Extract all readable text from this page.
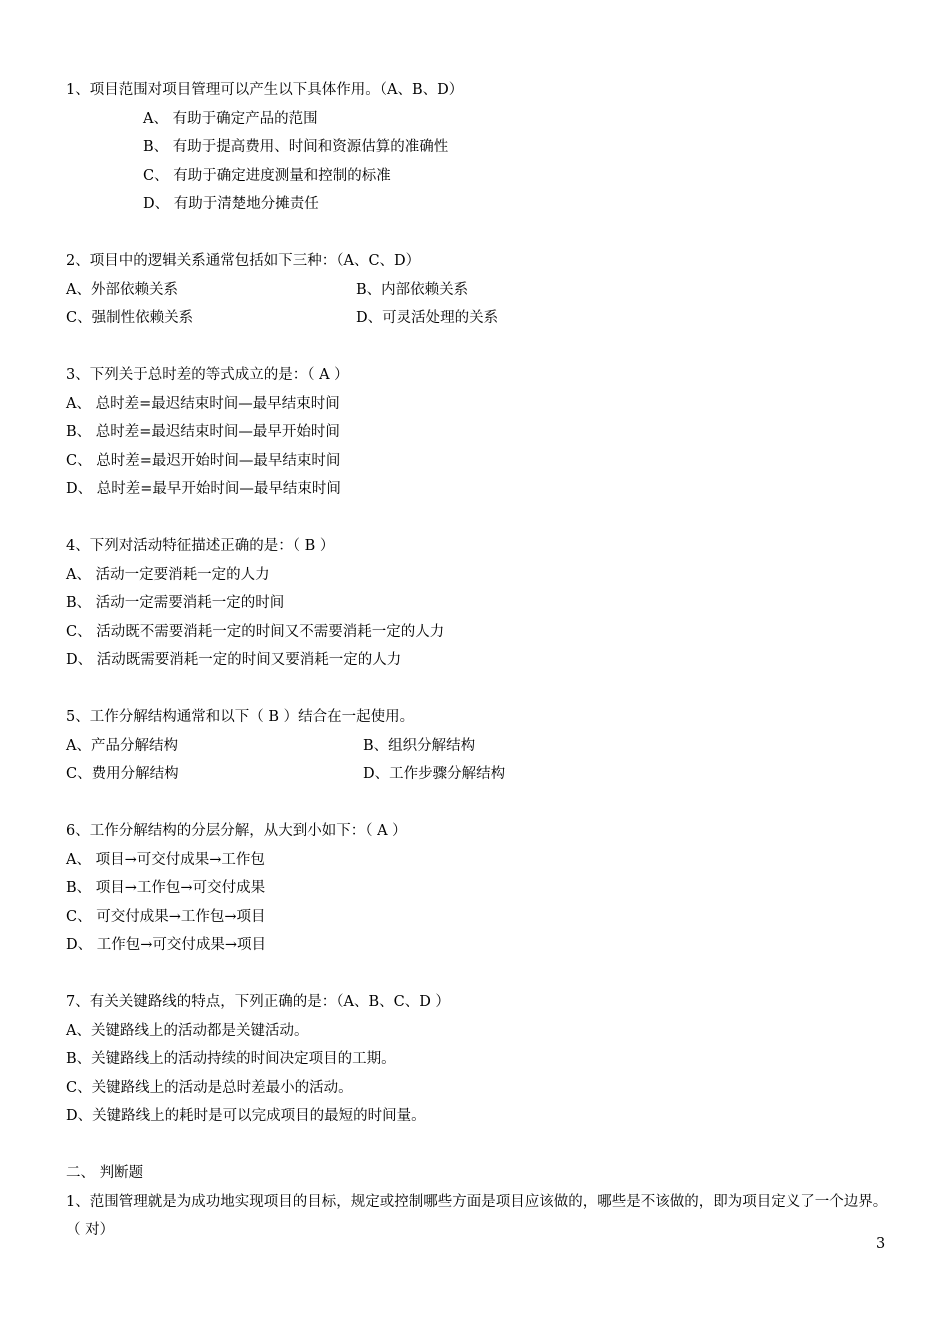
1、项目范围对项目管理可以产生以下具体作用。（A、B、D）
A、 有助于确定产品的范围
B、 有助于提高费用、时间和资源估算的准确性
C、 有助于确定进度测量和控制的标准
D、 有助于清楚地分摊责任
2、项目中的逻辑关系通常包括如下三种：（A、C、D）
A、外部依赖关系	B、内部依赖关系
C、强制性依赖关系	D、可灵活处理的关系
3、下列关于总时差的等式成立的是：（ A ）
A、 总时差=最迟结束时间—最早结束时间
B、 总时差=最迟结束时间—最早开始时间
C、 总时差=最迟开始时间—最早结束时间
D、 总时差=最早开始时间—最早结束时间
4、下列对活动特征描述正确的是：（ B ）
A、 活动一定要消耗一定的人力
B、 活动一定需要消耗一定的时间
C、 活动既不需要消耗一定的时间又不需要消耗一定的人力
D、 活动既需要消耗一定的时间又要消耗一定的人力
5、工作分解结构通常和以下（ B ）结合在一起使用。
A、产品分解结构	B、组织分解结构
C、费用分解结构	D、工作步骤分解结构
6、工作分解结构的分层分解，从大到小如下：（ A ）
A、 项目→可交付成果→工作包
B、 项目→工作包→可交付成果
C、 可交付成果→工作包→项目
D、 工作包→可交付成果→项目
7、有关关键路线的特点，下列正确的是：（A、B、C、D ）
A、关键路线上的活动都是关键活动。
B、关键路线上的活动持续的时间决定项目的工期。
C、关键路线上的活动是总时差最小的活动。
D、关键路线上的耗时是可以完成项目的最短的时间量。
二、 判断题
1、范围管理就是为成功地实现项目的目标，规定或控制哪些方面是项目应该做的，哪些是不该做的，即为项目定义了一个边界。（ 对）
3
